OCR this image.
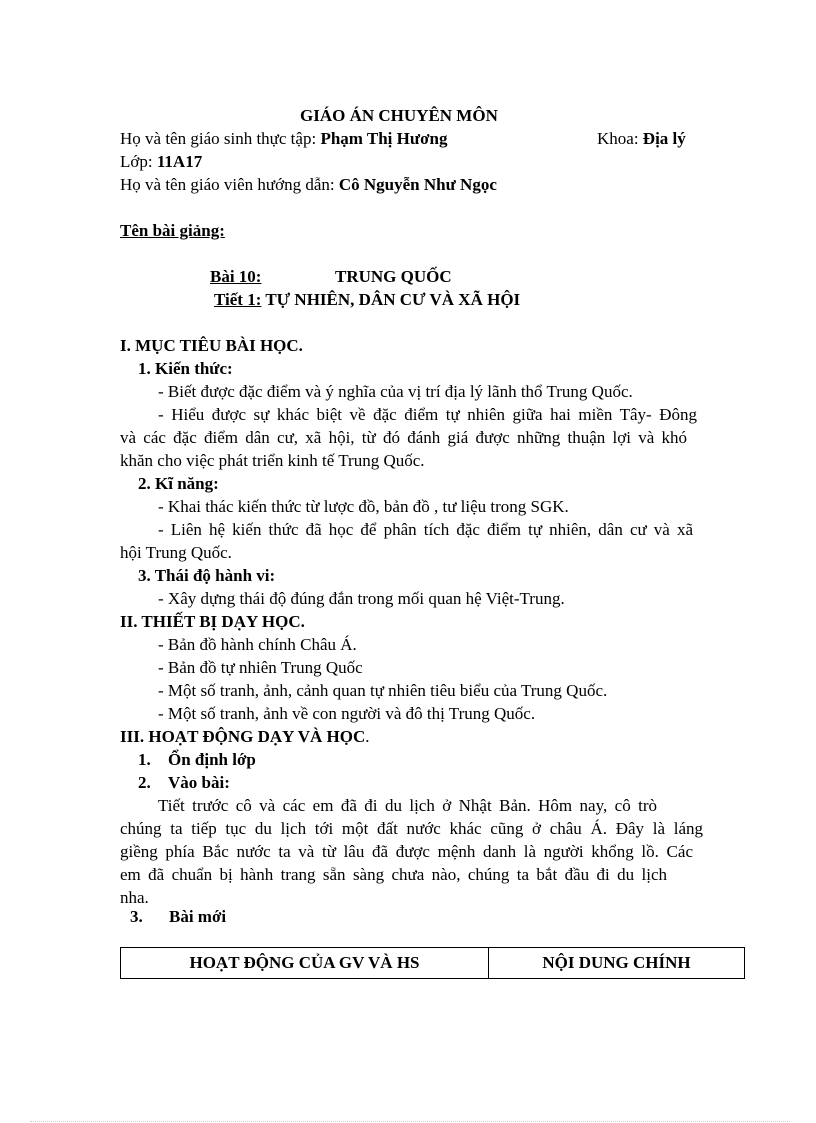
GIÁO ÁN CHUYÊN MÔN
Họ và tên giáo sinh thực tập: Phạm Thị Hương	Khoa: Địa lý
Lớp: 11A17
Họ và tên giáo viên hướng dẫn: Cô Nguyễn Như Ngọc
Tên bài giảng:
Bài 10:	TRUNG QUỐC
Tiết 1: TỰ NHIÊN, DÂN CƯ VÀ XÃ HỘI
I. MỤC TIÊU BÀI HỌC.
1. Kiến thức:
- Biết được đặc điểm và ý nghĩa của vị trí địa lý lãnh thổ Trung Quốc.
- Hiểu được sự khác biệt về đặc điểm tự nhiên giữa hai miền Tây- Đông
và các đặc điểm dân cư, xã hội, từ đó đánh giá được những thuận lợi và khó
khăn cho việc phát triển kinh tế Trung Quốc.
2. Kĩ năng:
- Khai thác kiến thức từ lược đồ, bản đồ , tư liệu trong SGK.
- Liên hệ kiến thức đã học để phân tích đặc điểm tự nhiên, dân cư và xã
hội Trung Quốc.
3. Thái độ hành vi:
- Xây dựng thái độ đúng đắn trong mối quan hệ Việt-Trung.
II. THIẾT BỊ DẠY HỌC.
- Bản đồ hành chính Châu Á.
- Bản đồ tự nhiên Trung Quốc
- Một số tranh, ảnh, cảnh quan tự nhiên tiêu biểu của Trung Quốc.
- Một số tranh, ảnh về con người và đô thị Trung Quốc.
III. HOẠT ĐỘNG DẠY VÀ HỌC.
1. Ổn định lớp
2. Vào bài:
Tiết trước cô và các em đã đi du lịch ở Nhật Bản. Hôm nay, cô trò
chúng ta tiếp tục du lịch tới một đất nước khác cũng ở châu Á. Đây là láng
giềng phía Bắc nước ta và từ lâu đã được mệnh danh là người khổng lồ. Các
em đã chuẩn bị hành trang sẵn sàng chưa nào, chúng ta bắt đầu đi du lịch
nha.
3. Bài mới
HOẠT ĐỘNG CỦA GV VÀ HS	NỘI DUNG CHÍNH
